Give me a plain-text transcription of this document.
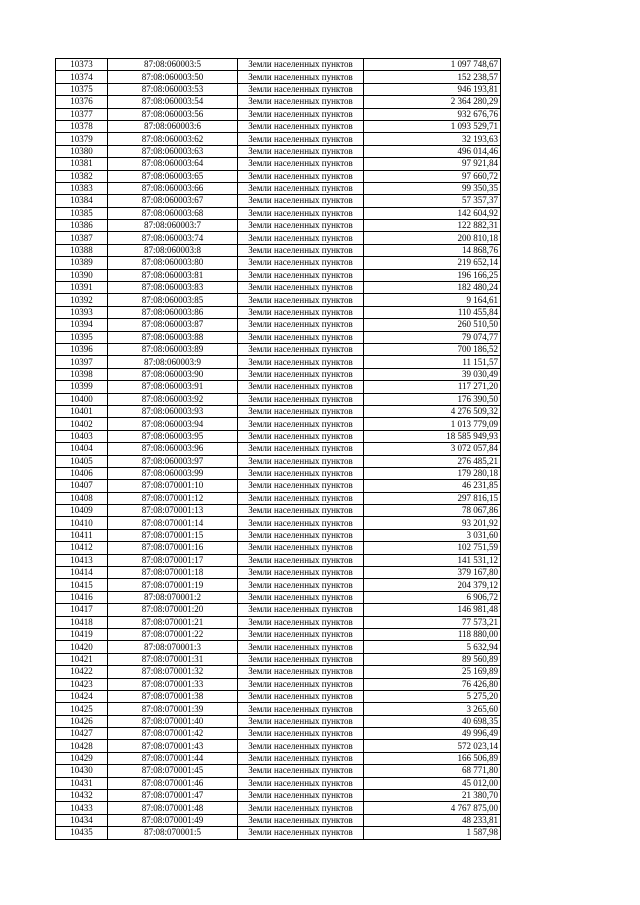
10373	87:08:060003:5	Земли населенных пунктов	1 097 748,67
10374	87:08:060003:50	Земли населенных пунктов	152 238,57
10375	87:08:060003:53	Земли населенных пунктов	946 193,81
10376	87:08:060003:54	Земли населенных пунктов	2 364 280,29
10377	87:08:060003:56	Земли населенных пунктов	932 676,76
10378	87:08:060003:6	Земли населенных пунктов	1 093 529,71
10379	87:08:060003:62	Земли населенных пунктов	32 193,63
10380	87:08:060003:63	Земли населенных пунктов	496 014,46
10381	87:08:060003:64	Земли населенных пунктов	97 921,84
10382	87:08:060003:65	Земли населенных пунктов	97 660,72
10383	87:08:060003:66	Земли населенных пунктов	99 350,35
10384	87:08:060003:67	Земли населенных пунктов	57 357,37
10385	87:08:060003:68	Земли населенных пунктов	142 604,92
10386	87:08:060003:7	Земли населенных пунктов	122 882,31
10387	87:08:060003:74	Земли населенных пунктов	200 810,18
10388	87:08:060003:8	Земли населенных пунктов	14 868,76
10389	87:08:060003:80	Земли населенных пунктов	219 652,14
10390	87:08:060003:81	Земли населенных пунктов	196 166,25
10391	87:08:060003:83	Земли населенных пунктов	182 480,24
10392	87:08:060003:85	Земли населенных пунктов	9 164,61
10393	87:08:060003:86	Земли населенных пунктов	110 455,84
10394	87:08:060003:87	Земли населенных пунктов	260 510,50
10395	87:08:060003:88	Земли населенных пунктов	79 074,77
10396	87:08:060003:89	Земли населенных пунктов	700 186,52
10397	87:08:060003:9	Земли населенных пунктов	11 151,57
10398	87:08:060003:90	Земли населенных пунктов	39 030,49
10399	87:08:060003:91	Земли населенных пунктов	117 271,20
10400	87:08:060003:92	Земли населенных пунктов	176 390,50
10401	87:08:060003:93	Земли населенных пунктов	4 276 509,32
10402	87:08:060003:94	Земли населенных пунктов	1 013 779,09
10403	87:08:060003:95	Земли населенных пунктов	18 585 949,93
10404	87:08:060003:96	Земли населенных пунктов	3 072 057,84
10405	87:08:060003:97	Земли населенных пунктов	276 485,21
10406	87:08:060003:99	Земли населенных пунктов	179 280,18
10407	87:08:070001:10	Земли населенных пунктов	46 231,85
10408	87:08:070001:12	Земли населенных пунктов	297 816,15
10409	87:08:070001:13	Земли населенных пунктов	78 067,86
10410	87:08:070001:14	Земли населенных пунктов	93 201,92
10411	87:08:070001:15	Земли населенных пунктов	3 031,60
10412	87:08:070001:16	Земли населенных пунктов	102 751,59
10413	87:08:070001:17	Земли населенных пунктов	141 531,12
10414	87:08:070001:18	Земли населенных пунктов	379 167,80
10415	87:08:070001:19	Земли населенных пунктов	204 379,12
10416	87:08:070001:2	Земли населенных пунктов	6 906,72
10417	87:08:070001:20	Земли населенных пунктов	146 981,48
10418	87:08:070001:21	Земли населенных пунктов	77 573,21
10419	87:08:070001:22	Земли населенных пунктов	118 880,00
10420	87:08:070001:3	Земли населенных пунктов	5 632,94
10421	87:08:070001:31	Земли населенных пунктов	89 560,89
10422	87:08:070001:32	Земли населенных пунктов	25 169,89
10423	87:08:070001:33	Земли населенных пунктов	76 426,80
10424	87:08:070001:38	Земли населенных пунктов	5 275,20
10425	87:08:070001:39	Земли населенных пунктов	3 265,60
10426	87:08:070001:40	Земли населенных пунктов	40 698,35
10427	87:08:070001:42	Земли населенных пунктов	49 996,49
10428	87:08:070001:43	Земли населенных пунктов	572 023,14
10429	87:08:070001:44	Земли населенных пунктов	166 506,89
10430	87:08:070001:45	Земли населенных пунктов	68 771,80
10431	87:08:070001:46	Земли населенных пунктов	45 012,00
10432	87:08:070001:47	Земли населенных пунктов	21 380,70
10433	87:08:070001:48	Земли населенных пунктов	4 767 875,00
10434	87:08:070001:49	Земли населенных пунктов	48 233,81
10435	87:08:070001:5	Земли населенных пунктов	1 587,98
